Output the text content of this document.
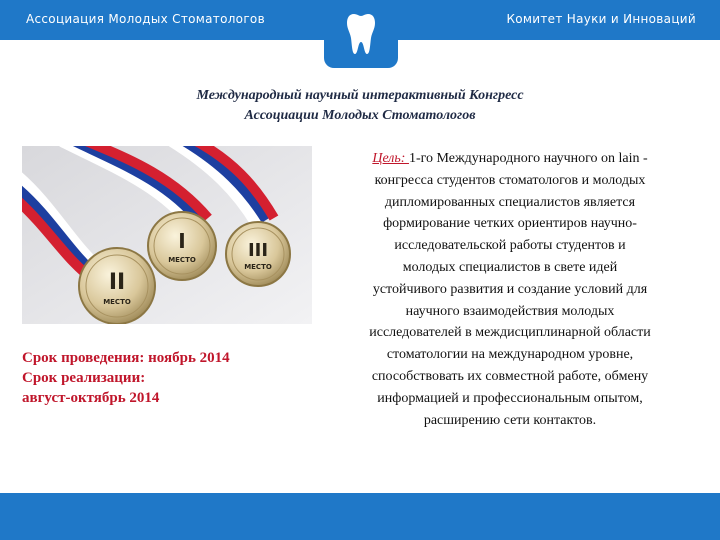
Ассоциация Молодых Стоматологов	Комитет Науки и Инноваций
Международный научный интерактивный Конгресс
Ассоциации Молодых Стоматологов
I
МЕСТО
II
МЕСТО
III
МЕСТО
Срок проведения: ноябрь 2014
Срок реализации:
август-октябрь 2014
Цель: 1-го Международного научного on lain -
конгресса студентов стоматологов и молодых
дипломированных специалистов является
формирование четких ориентиров научно-
исследовательской работы студентов и
молодых специалистов в свете идей
устойчивого развития и создание условий для
научного взаимодействия молодых
исследователей в междисциплинарной области
стоматологии на международном уровне,
способствовать их совместной работе, обмену
информацией и профессиональным опытом,
расширению сети контактов.
